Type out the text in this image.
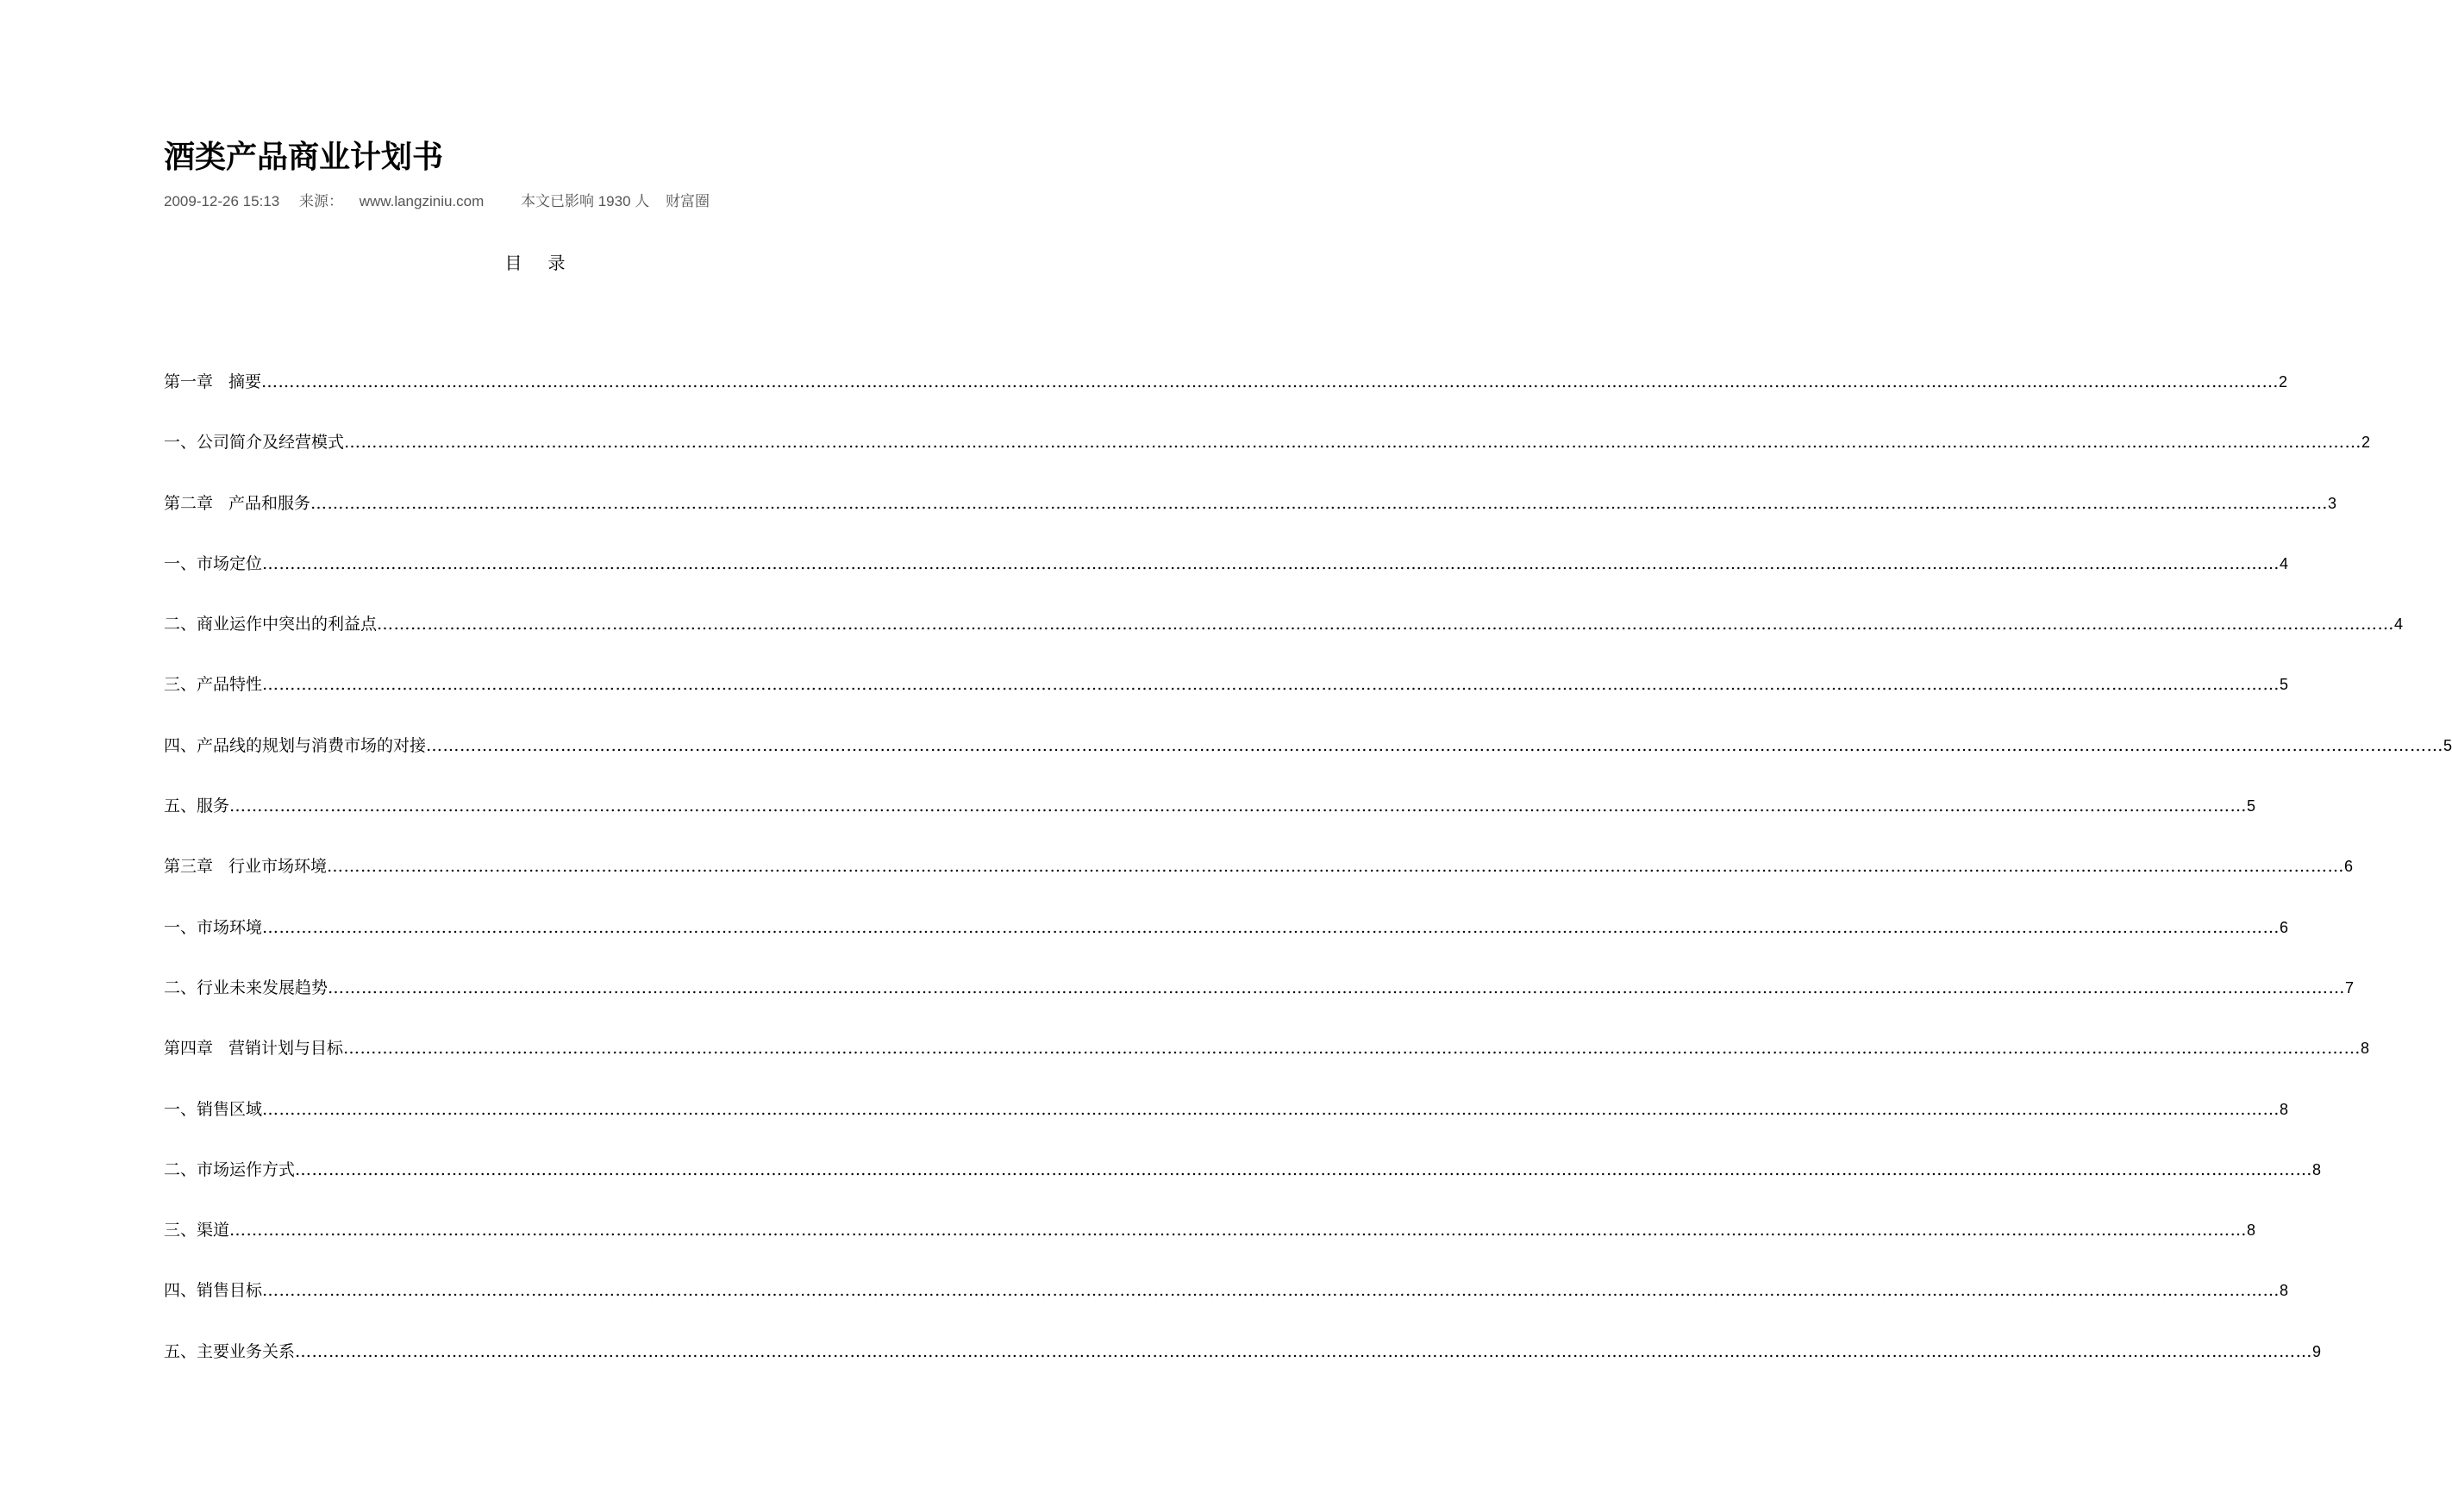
酒类产品商业计划书
2009-12-26 15:13 来源： www.langziniu.com	本文已影响 1930 人 财富圈
目录
第一章 摘要 ……………………………………………………………………………………………………………………………………………………………………………………………………………………………………………………………………………………………………………………………… 2
一、公司简介及经营模式 ……………………………………………………………………………………………………………………………………………………………………………………………………………………………………………………………………………………………………………………………… 2
第二章 产品和服务 ……………………………………………………………………………………………………………………………………………………………………………………………………………………………………………………………………………………………………………………………… 3
一、市场定位 ……………………………………………………………………………………………………………………………………………………………………………………………………………………………………………………………………………………………………………………………… 4
二、商业运作中突出的利益点 ……………………………………………………………………………………………………………………………………………………………………………………………………………………………………………………………………………………………………………………………… 4
三、产品特性 ……………………………………………………………………………………………………………………………………………………………………………………………………………………………………………………………………………………………………………………………… 5
四、产品线的规划与消费市场的对接 ……………………………………………………………………………………………………………………………………………………………………………………………………………………………………………………………………………………………………………………………… 5
五、服务 ……………………………………………………………………………………………………………………………………………………………………………………………………………………………………………………………………………………………………………………………… 5
第三章 行业市场环境 ……………………………………………………………………………………………………………………………………………………………………………………………………………………………………………………………………………………………………………………………… 6
一、市场环境 ……………………………………………………………………………………………………………………………………………………………………………………………………………………………………………………………………………………………………………………………… 6
二、行业未来发展趋势 ……………………………………………………………………………………………………………………………………………………………………………………………………………………………………………………………………………………………………………………………… 7
第四章 营销计划与目标 ……………………………………………………………………………………………………………………………………………………………………………………………………………………………………………………………………………………………………………………………… 8
一、销售区域 ……………………………………………………………………………………………………………………………………………………………………………………………………………………………………………………………………………………………………………………………… 8
二、市场运作方式 ……………………………………………………………………………………………………………………………………………………………………………………………………………………………………………………………………………………………………………………………… 8
三、渠道 ……………………………………………………………………………………………………………………………………………………………………………………………………………………………………………………………………………………………………………………………… 8
四、销售目标 ……………………………………………………………………………………………………………………………………………………………………………………………………………………………………………………………………………………………………………………………… 8
五、主要业务关系 ……………………………………………………………………………………………………………………………………………………………………………………………………………………………………………………………………………………………………………………………… 9
